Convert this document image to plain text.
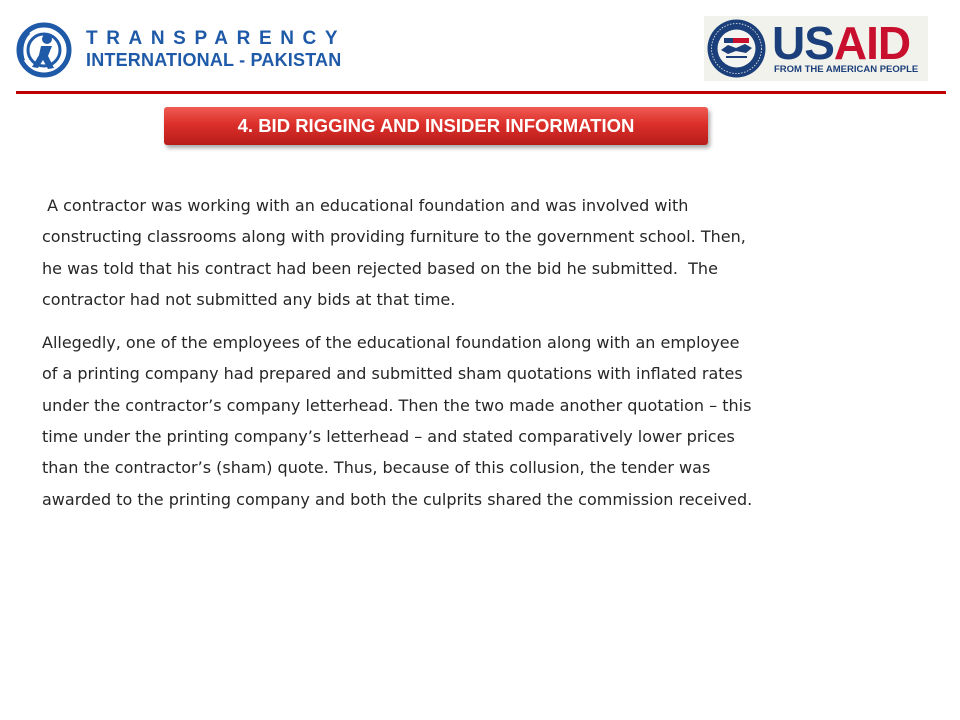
TRANSPARENCY
INTERNATIONAL - PAKISTAN	USAID
FROM THE AMERICAN PEOPLE
4. BID RIGGING AND INSIDER INFORMATION
A contractor was working with an educational foundation and was involved with
constructing classrooms along with providing furniture to the government school. Then,
he was told that his contract had been rejected based on the bid he submitted.  The
contractor had not submitted any bids at that time.
Allegedly, one of the employees of the educational foundation along with an employee
of a printing company had prepared and submitted sham quotations with inflated rates
under the contractor’s company letterhead. Then the two made another quotation – this
time under the printing company’s letterhead – and stated comparatively lower prices
than the contractor’s (sham) quote. Thus, because of this collusion, the tender was
awarded to the printing company and both the culprits shared the commission received.
